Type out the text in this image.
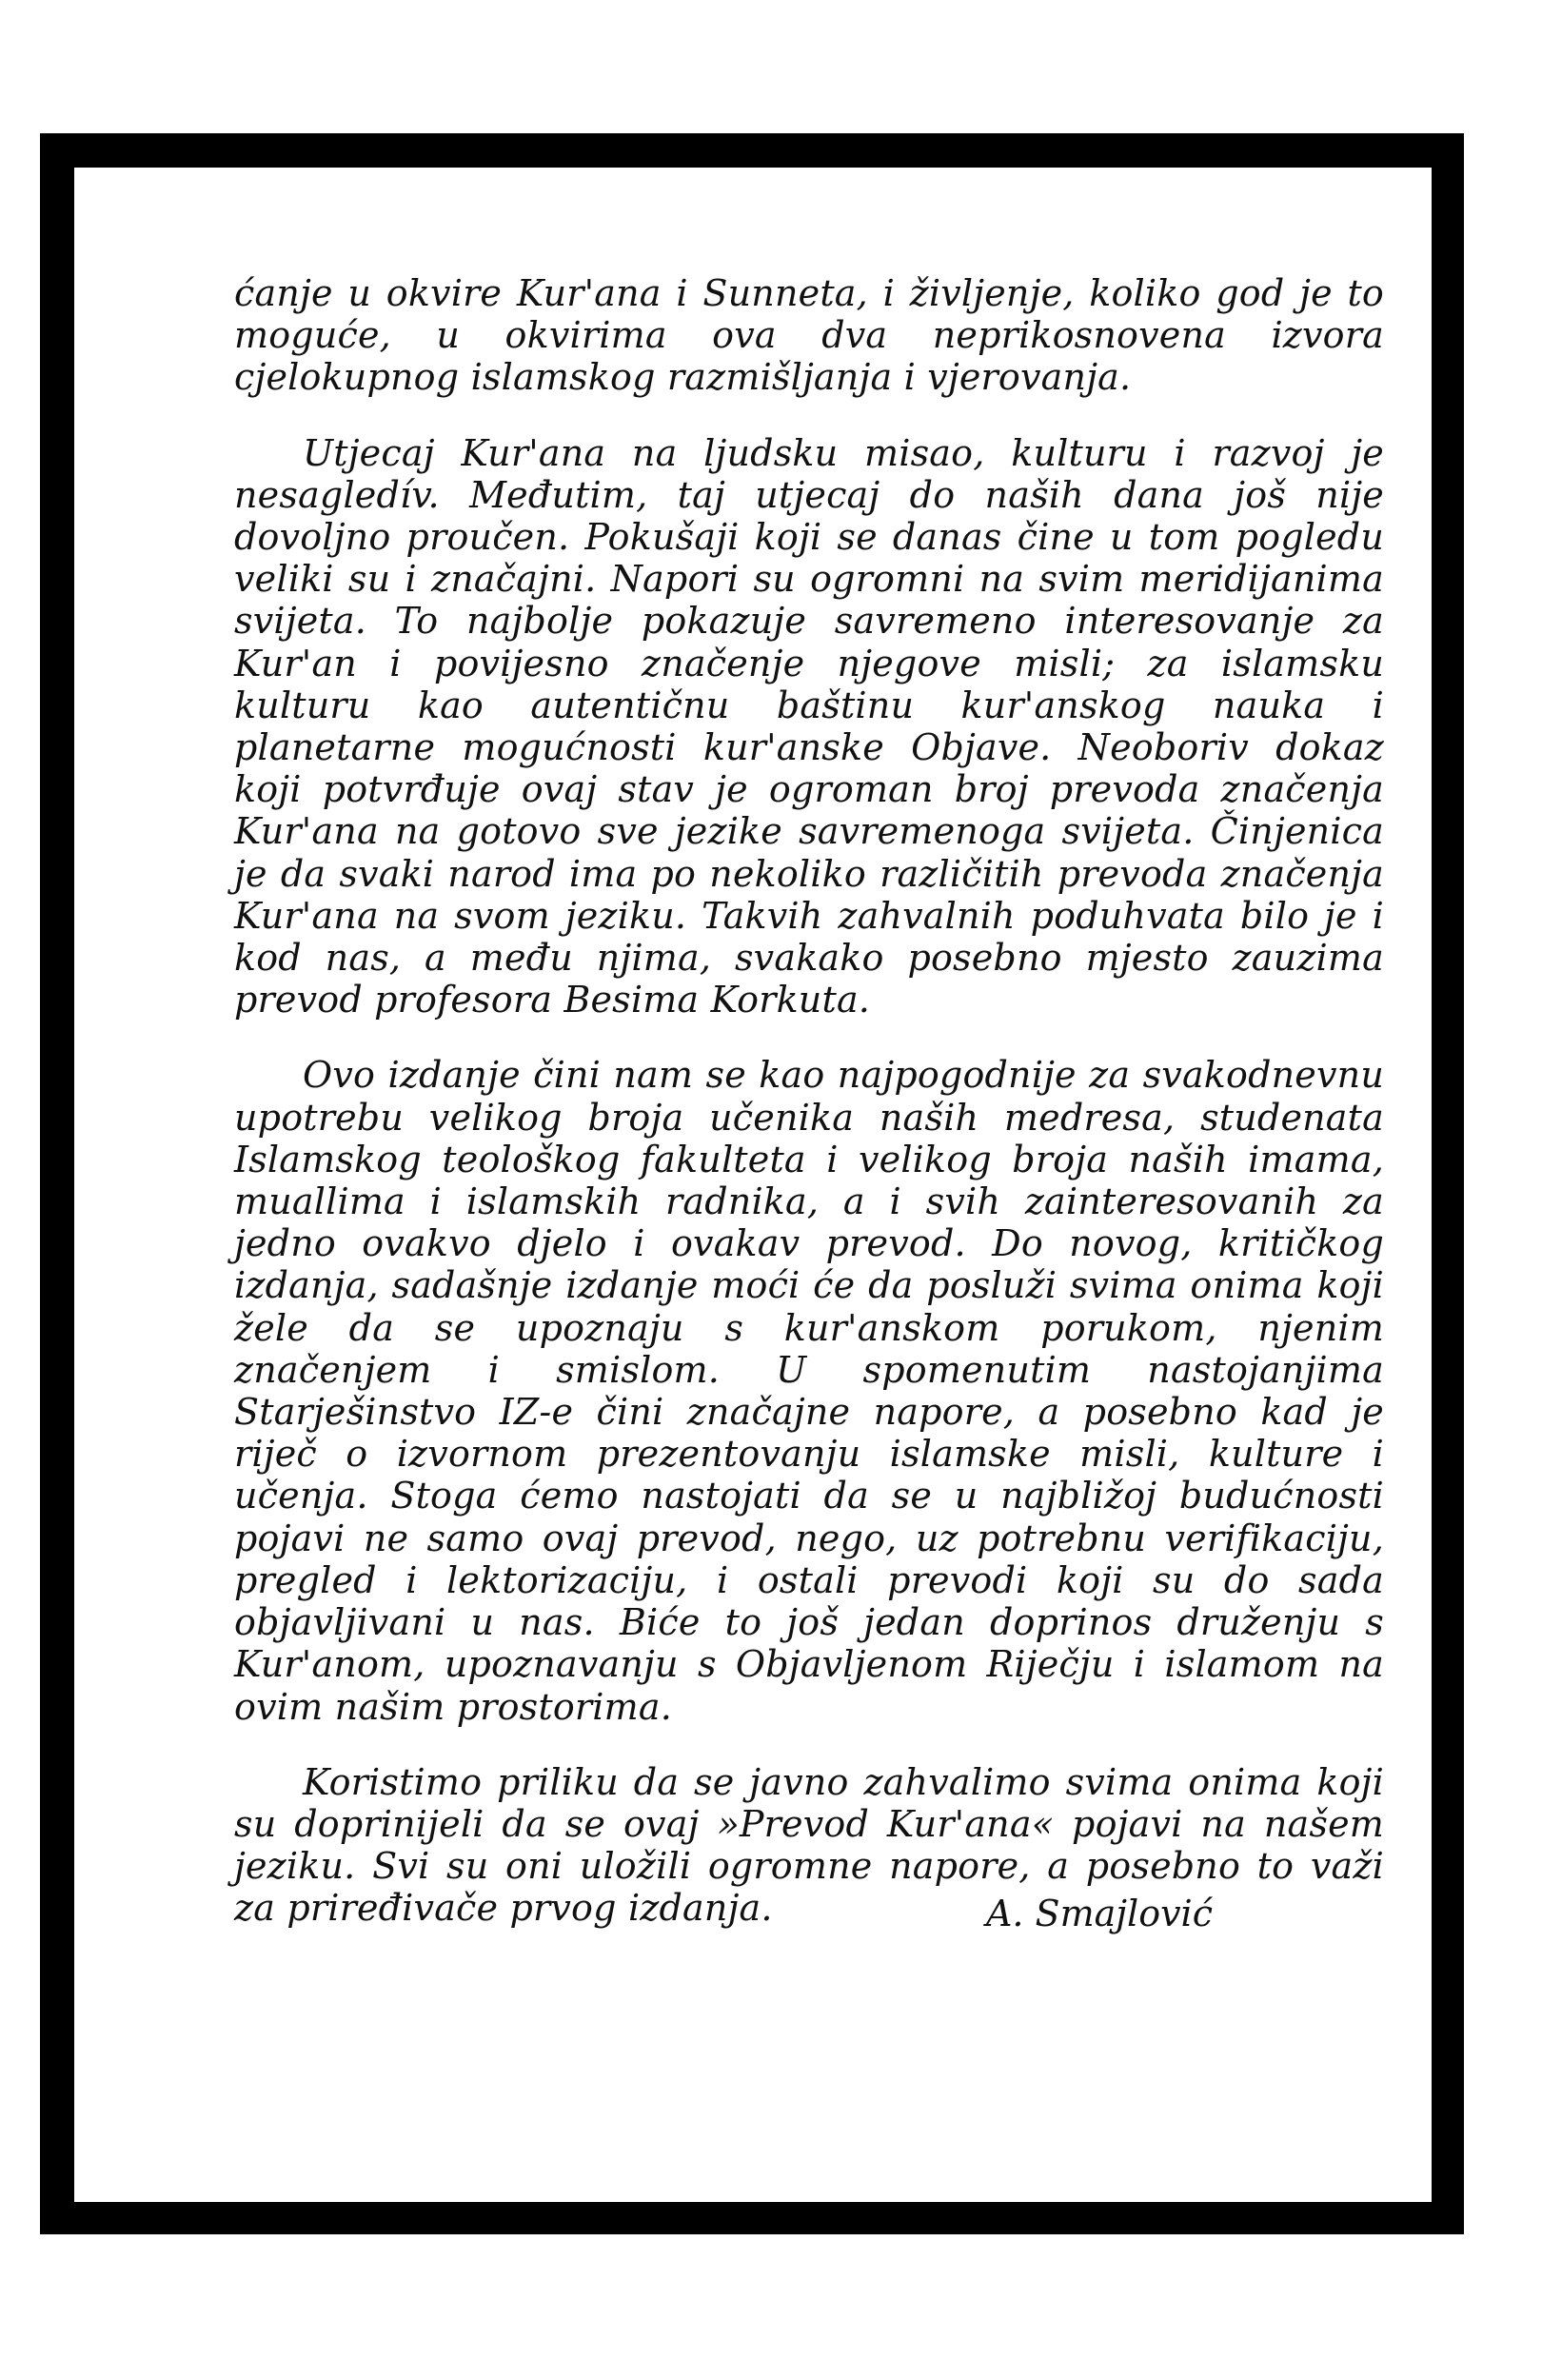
ćanje u okvire Kur'ana i Sunneta, i življenje, koliko god je to moguće, u okvirima ova dva neprikosnovena izvora cjelokupnog islamskog razmišljanja i vjerovanja.

Utjecaj Kur'ana na ljudsku misao, kulturu i razvoj je nesagledív. Međutim, taj utjecaj do naših dana još nije dovoljno proučen. Pokušaji koji se danas čine u tom pogledu veliki su i značajni. Napori su ogromni na svim meridijanima svijeta. To najbolje pokazuje savremeno interesovanje za Kur'an i povijesno značenje njegove misli; za islamsku kulturu kao autentičnu baštinu kur'anskog nauka i planetarne mogućnosti kur'anske Objave. Neoboriv dokaz koji potvrđuje ovaj stav je ogroman broj prevoda značenja Kur'ana na gotovo sve jezike savremenoga svijeta. Činjenica je da svaki narod ima po nekoliko različitih prevoda značenja Kur'ana na svom jeziku. Takvih zahvalnih poduhvata bilo je i kod nas, a među njima, svakako posebno mjesto zauzima prevod profesora Besima Korkuta.

Ovo izdanje čini nam se kao najpogodnije za svakodnevnu upotrebu velikog broja učenika naših medresa, studenata Islamskog teološkog fakulteta i velikog broja naših imama, muallima i islamskih radnika, a i svih zainteresovanih za jedno ovakvo djelo i ovakav prevod. Do novog, kritičkog izdanja, sadašnje izdanje moći će da posluži svima onima koji žele da se upoznaju s kur'anskom porukom, njenim značenjem i smislom. U spomenutim nastojanjima Starješinstvo IZ-e čini značajne napore, a posebno kad je riječ o izvornom prezentovanju islamske misli, kulture i učenja. Stoga ćemo nastojati da se u najbližoj budućnosti pojavi ne samo ovaj prevod, nego, uz potrebnu verifikaciju, pregled i lektorizaciju, i ostali prevodi koji su do sada objavljivani u nas. Biće to još jedan doprinos druženju s Kur'anom, upoznavanju s Objavljenom Riječju i islamom na ovim našim prostorima.

Koristimo priliku da se javno zahvalimo svima onima koji su doprinijeli da se ovaj »Prevod Kur'ana« pojavi na našem jeziku. Svi su oni uložili ogromne napore, a posebno to važi za priređivače prvog izdanja.	A. Smajlović
